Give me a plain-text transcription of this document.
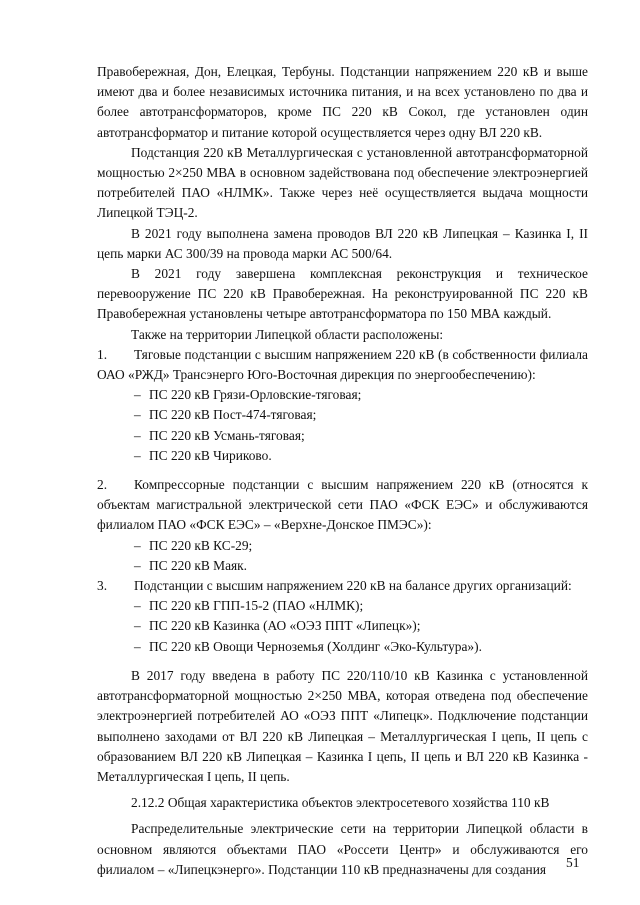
Правобережная, Дон, Елецкая, Тербуны. Подстанции напряжением 220 кВ и выше имеют два и более независимых источника питания, и на всех установлено по два и более автотрансформаторов, кроме ПС 220 кВ Сокол, где установлен один автотрансформатор и питание которой осуществляется через одну ВЛ 220 кВ.

Подстанция 220 кВ Металлургическая с установленной автотрансформаторной мощностью 2×250 МВА в основном задействована под обеспечение электроэнергией потребителей ПАО «НЛМК». Также через неё осуществляется выдача мощности Липецкой ТЭЦ-2.

В 2021 году выполнена замена проводов ВЛ 220 кВ Липецкая – Казинка I, II цепь марки АС 300/39 на провода марки АС 500/64.

В 2021 году завершена комплексная реконструкция и техническое перевооружение ПС 220 кВ Правобережная. На реконструированной ПС 220 кВ Правобережная установлены четыре автотрансформатора по 150 МВА каждый.

Также на территории Липецкой области расположены:

1. Тяговые подстанции с высшим напряжением 220 кВ (в собственности филиала ОАО «РЖД» Трансэнерго Юго-Восточная дирекция по энергообеспечению):

– ПС 220 кВ Грязи-Орловские-тяговая;
– ПС 220 кВ Пост-474-тяговая;
– ПС 220 кВ Усмань-тяговая;
– ПС 220 кВ Чириково.

2. Компрессорные подстанции с высшим напряжением 220 кВ (относятся к объектам магистральной электрической сети ПАО «ФСК ЕЭС» и обслуживаются филиалом ПАО «ФСК ЕЭС» – «Верхне-Донское ПМЭС»):

– ПС 220 кВ КС-29;
– ПС 220 кВ Маяк.

3. Подстанции с высшим напряжением 220 кВ на балансе других организаций:

– ПС 220 кВ ГПП-15-2 (ПАО «НЛМК);
– ПС 220 кВ Казинка (АО «ОЭЗ ППТ «Липецк»);
– ПС 220 кВ Овощи Черноземья (Холдинг «Эко-Культура»).

В 2017 году введена в работу ПС 220/110/10 кВ Казинка с установленной автотрансформаторной мощностью 2×250 МВА, которая отведена под обеспечение электроэнергией потребителей АО «ОЭЗ ППТ «Липецк». Подключение подстанции выполнено заходами от ВЛ 220 кВ Липецкая – Металлургическая I цепь, II цепь с образованием ВЛ 220 кВ Липецкая – Казинка I цепь, II цепь и ВЛ 220 кВ Казинка - Металлургическая I цепь, II цепь.

2.12.2 Общая характеристика объектов электросетевого хозяйства 110 кВ

Распределительные электрические сети на территории Липецкой области в основном являются объектами ПАО «Россети Центр» и обслуживаются его филиалом – «Липецкэнерго». Подстанции 110 кВ предназначены для создания	51
